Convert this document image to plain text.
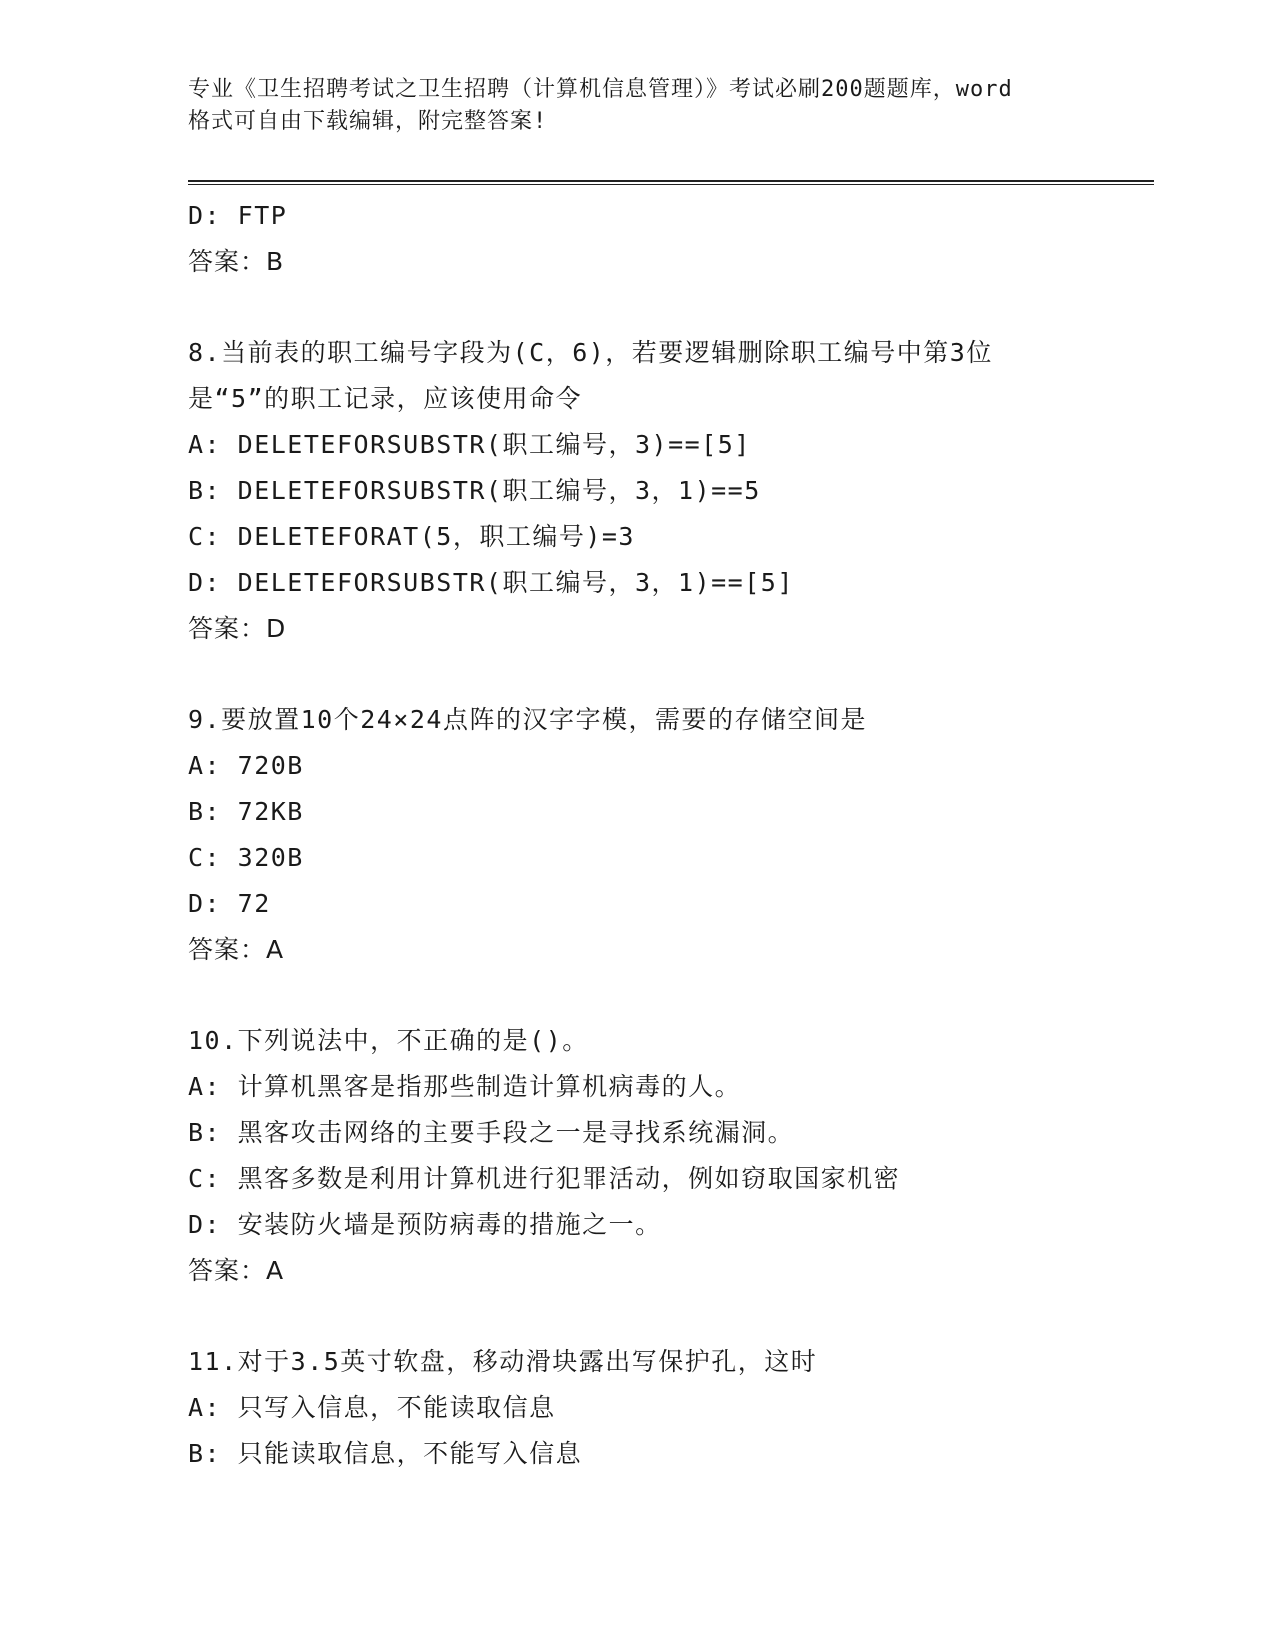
专业《卫生招聘考试之卫生招聘（计算机信息管理）》考试必刷200题题库，word
格式可自由下载编辑，附完整答案!
D: FTP
答案：B
8.当前表的职工编号字段为(C，6)，若要逻辑删除职工编号中第3位
是“5”的职工记录，应该使用命令
A: DELETEFORSUBSTR(职工编号，3)==[5]
B: DELETEFORSUBSTR(职工编号，3，1)==5
C: DELETEFORAT(5，职工编号)=3
D: DELETEFORSUBSTR(职工编号，3，1)==[5]
答案：D
9.要放置10个24×24点阵的汉字字模，需要的存储空间是
A: 720B
B: 72KB
C: 320B
D: 72
答案：A
10.下列说法中，不正确的是()。
A: 计算机黑客是指那些制造计算机病毒的人。
B: 黑客攻击网络的主要手段之一是寻找系统漏洞。
C: 黑客多数是利用计算机进行犯罪活动，例如窃取国家机密
D: 安装防火墙是预防病毒的措施之一。
答案：A
11.对于3.5英寸软盘，移动滑块露出写保护孔，这时
A: 只写入信息，不能读取信息
B: 只能读取信息，不能写入信息
